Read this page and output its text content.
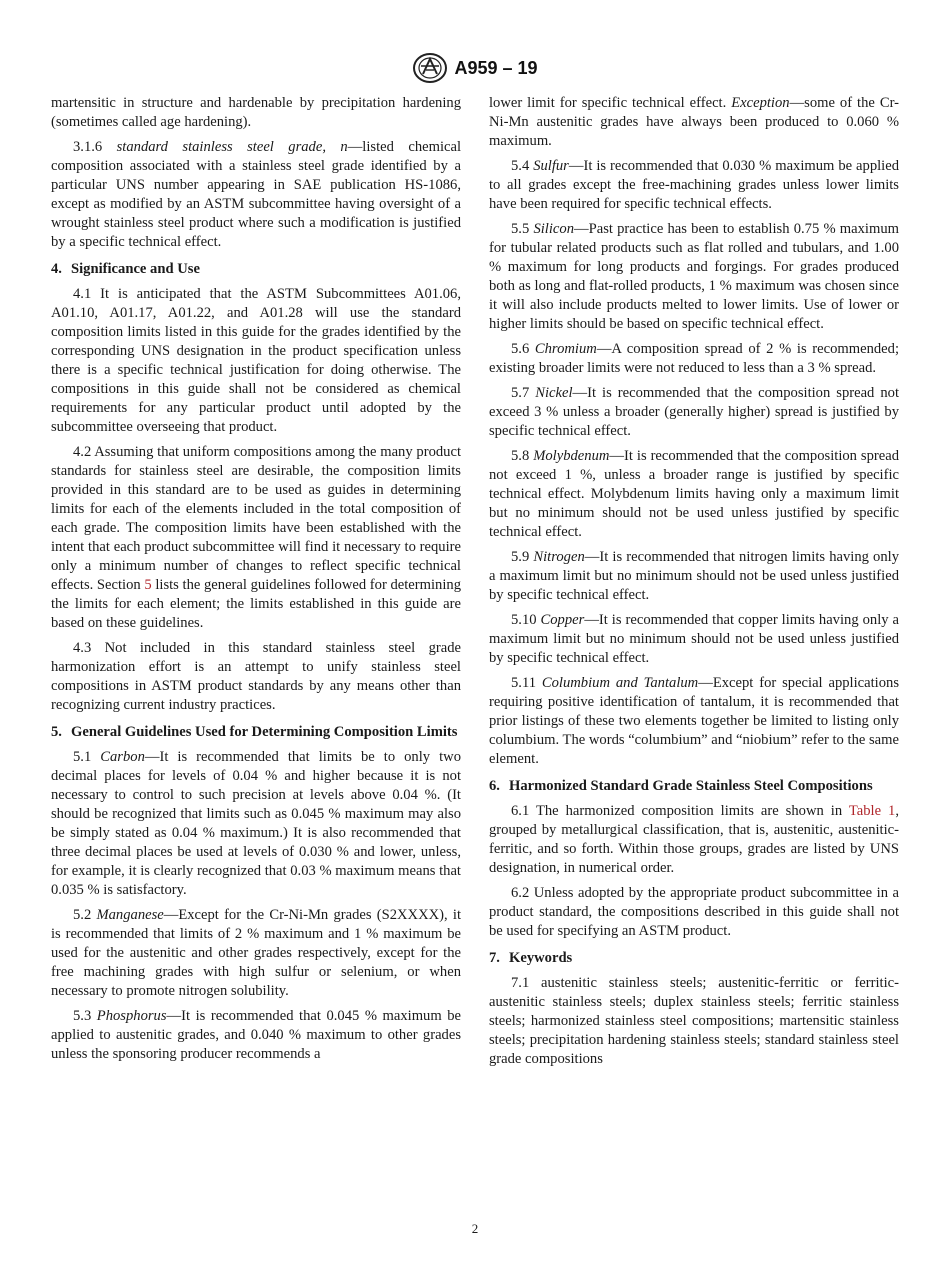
A959 – 19

martensitic in structure and hardenable by precipitation hardening (sometimes called age hardening).

3.1.6 standard stainless steel grade, n—listed chemical composition associated with a stainless steel grade identified by a particular UNS number appearing in SAE publication HS-1086, except as modified by an ASTM subcommittee having oversight of a wrought stainless steel product where such a modification is justified by a specific technical effect.

4. Significance and Use

4.1 It is anticipated that the ASTM Subcommittees A01.06, A01.10, A01.17, A01.22, and A01.28 will use the standard composition limits listed in this guide for the grades identified by the corresponding UNS designation in the product specification unless there is a specific technical justification for doing otherwise. The compositions in this guide shall not be considered as chemical requirements for any particular product until adopted by the subcommittee overseeing that product.

4.2 Assuming that uniform compositions among the many product standards for stainless steel are desirable, the composition limits provided in this standard are to be used as guides in determining limits for each of the elements included in the total composition of each grade. The composition limits have been established with the intent that each product subcommittee will find it necessary to require only a minimum number of changes to reflect specific technical effects. Section 5 lists the general guidelines followed for determining the limits for each element; the limits established in this guide are based on these guidelines.

4.3 Not included in this standard stainless steel grade harmonization effort is an attempt to unify stainless steel compositions in ASTM product standards by any means other than recognizing current industry practices.

5. General Guidelines Used for Determining Composition Limits

5.1 Carbon—It is recommended that limits be to only two decimal places for levels of 0.04 % and higher because it is not necessary to control to such precision at levels above 0.04 %. (It should be recognized that limits such as 0.045 % maximum may also be simply stated as 0.04 % maximum.) It is also recommended that three decimal places be used at levels of 0.030 % and lower, unless, for example, it is clearly recognized that 0.03 % maximum means that 0.035 % is satisfactory.

5.2 Manganese—Except for the Cr-Ni-Mn grades (S2XXXX), it is recommended that limits of 2 % maximum and 1 % maximum be used for the austenitic and other grades respectively, except for the free machining grades with high sulfur or selenium, or when necessary to promote nitrogen solubility.

5.3 Phosphorus—It is recommended that 0.045 % maximum be applied to austenitic grades, and 0.040 % maximum to other grades unless the sponsoring producer recommends a

lower limit for specific technical effect. Exception—some of the Cr-Ni-Mn austenitic grades have always been produced to 0.060 % maximum.

5.4 Sulfur—It is recommended that 0.030 % maximum be applied to all grades except the free-machining grades unless lower limits have been required for specific technical effects.

5.5 Silicon—Past practice has been to establish 0.75 % maximum for tubular related products such as flat rolled and tubulars, and 1.00 % maximum for long products and forgings. For grades produced both as long and flat-rolled products, 1 % maximum was chosen since it will also include products melted to lower limits. Use of lower or higher limits should be based on specific technical effect.

5.6 Chromium—A composition spread of 2 % is recommended; existing broader limits were not reduced to less than a 3 % spread.

5.7 Nickel—It is recommended that the composition spread not exceed 3 % unless a broader (generally higher) spread is justified by specific technical effect.

5.8 Molybdenum—It is recommended that the composition spread not exceed 1 %, unless a broader range is justified by specific technical effect. Molybdenum limits having only a maximum limit but no minimum should not be used unless justified by specific technical effect.

5.9 Nitrogen—It is recommended that nitrogen limits having only a maximum limit but no minimum should not be used unless justified by specific technical effect.

5.10 Copper—It is recommended that copper limits having only a maximum limit but no minimum should not be used unless justified by specific technical effect.

5.11 Columbium and Tantalum—Except for special applications requiring positive identification of tantalum, it is recommended that prior listings of these two elements together be limited to listing only columbium. The words “columbium” and “niobium” refer to the same element.

6. Harmonized Standard Grade Stainless Steel Compositions

6.1 The harmonized composition limits are shown in Table 1, grouped by metallurgical classification, that is, austenitic, austenitic-ferritic, and so forth. Within those groups, grades are listed by UNS designation, in numerical order.

6.2 Unless adopted by the appropriate product subcommittee in a product standard, the compositions described in this guide shall not be used for specifying an ASTM product.

7. Keywords

7.1 austenitic stainless steels; austenitic-ferritic or ferritic-austenitic stainless steels; duplex stainless steels; ferritic stainless steels; harmonized stainless steel compositions; martensitic stainless steels; precipitation hardening stainless steels; standard stainless steel grade compositions

2
